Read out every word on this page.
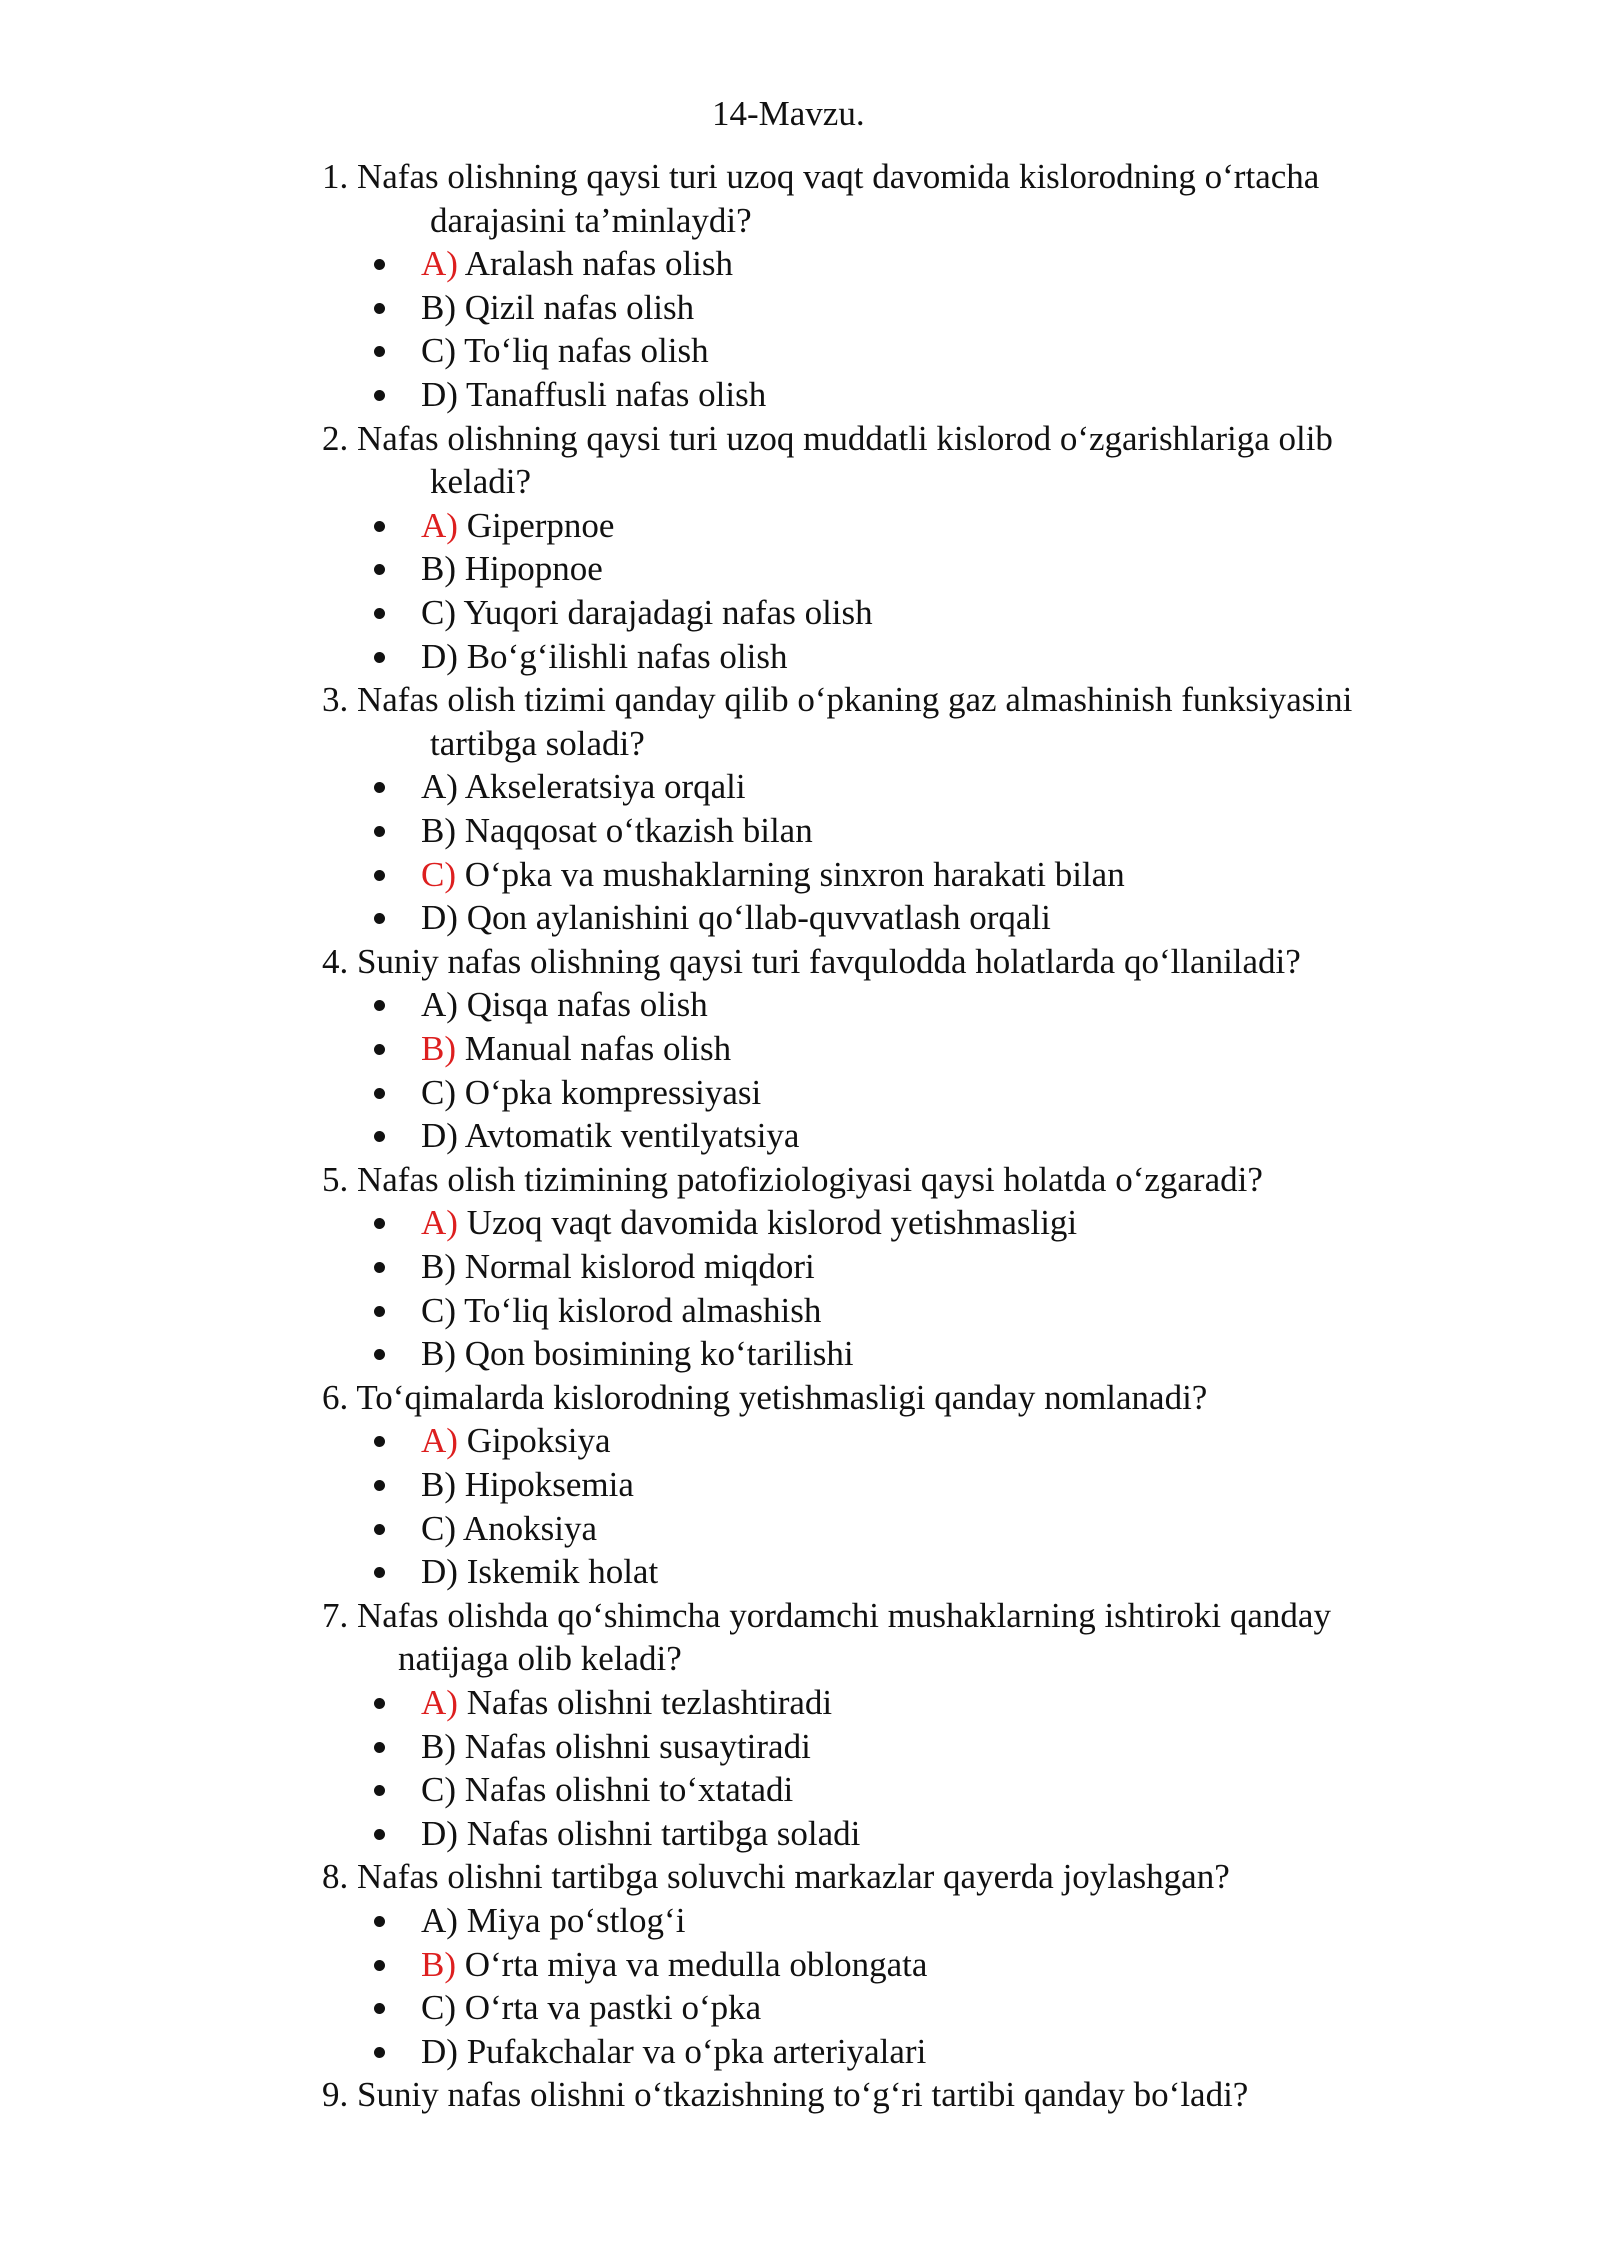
14-Mavzu.
1. Nafas olishning qaysi turi uzoq vaqt davomida kislorodning o‘rtacha
darajasini ta’minlaydi?
A) Aralash nafas olish
B) Qizil nafas olish
C) To‘liq nafas olish
D) Tanaffusli nafas olish
2. Nafas olishning qaysi turi uzoq muddatli kislorod o‘zgarishlariga olib
keladi?
A) Giperpnoe
B) Hipopnoe
C) Yuqori darajadagi nafas olish
D) Bo‘g‘ilishli nafas olish
3. Nafas olish tizimi qanday qilib o‘pkaning gaz almashinish funksiyasini
tartibga soladi?
A) Akseleratsiya orqali
B) Naqqosat o‘tkazish bilan
C) O‘pka va mushaklarning sinxron harakati bilan
D) Qon aylanishini qo‘llab-quvvatlash orqali
4. Suniy nafas olishning qaysi turi favqulodda holatlarda qo‘llaniladi?
A) Qisqa nafas olish
B) Manual nafas olish
C) O‘pka kompressiyasi
D) Avtomatik ventilyatsiya
5. Nafas olish tizimining patofiziologiyasi qaysi holatda o‘zgaradi?
A) Uzoq vaqt davomida kislorod yetishmasligi
B) Normal kislorod miqdori
C) To‘liq kislorod almashish
B) Qon bosimining ko‘tarilishi
6. To‘qimalarda kislorodning yetishmasligi qanday nomlanadi?
A) Gipoksiya
B) Hipoksemia
C) Anoksiya
D) Iskemik holat
7. Nafas olishda qo‘shimcha yordamchi mushaklarning ishtiroki qanday
natijaga olib keladi?
A) Nafas olishni tezlashtiradi
B) Nafas olishni susaytiradi
C) Nafas olishni to‘xtatadi
D) Nafas olishni tartibga soladi
8. Nafas olishni tartibga soluvchi markazlar qayerda joylashgan?
A) Miya po‘stlog‘i
B) O‘rta miya va medulla oblongata
C) O‘rta va pastki o‘pka
D) Pufakchalar va o‘pka arteriyalari
9. Suniy nafas olishni o‘tkazishning to‘g‘ri tartibi qanday bo‘ladi?
